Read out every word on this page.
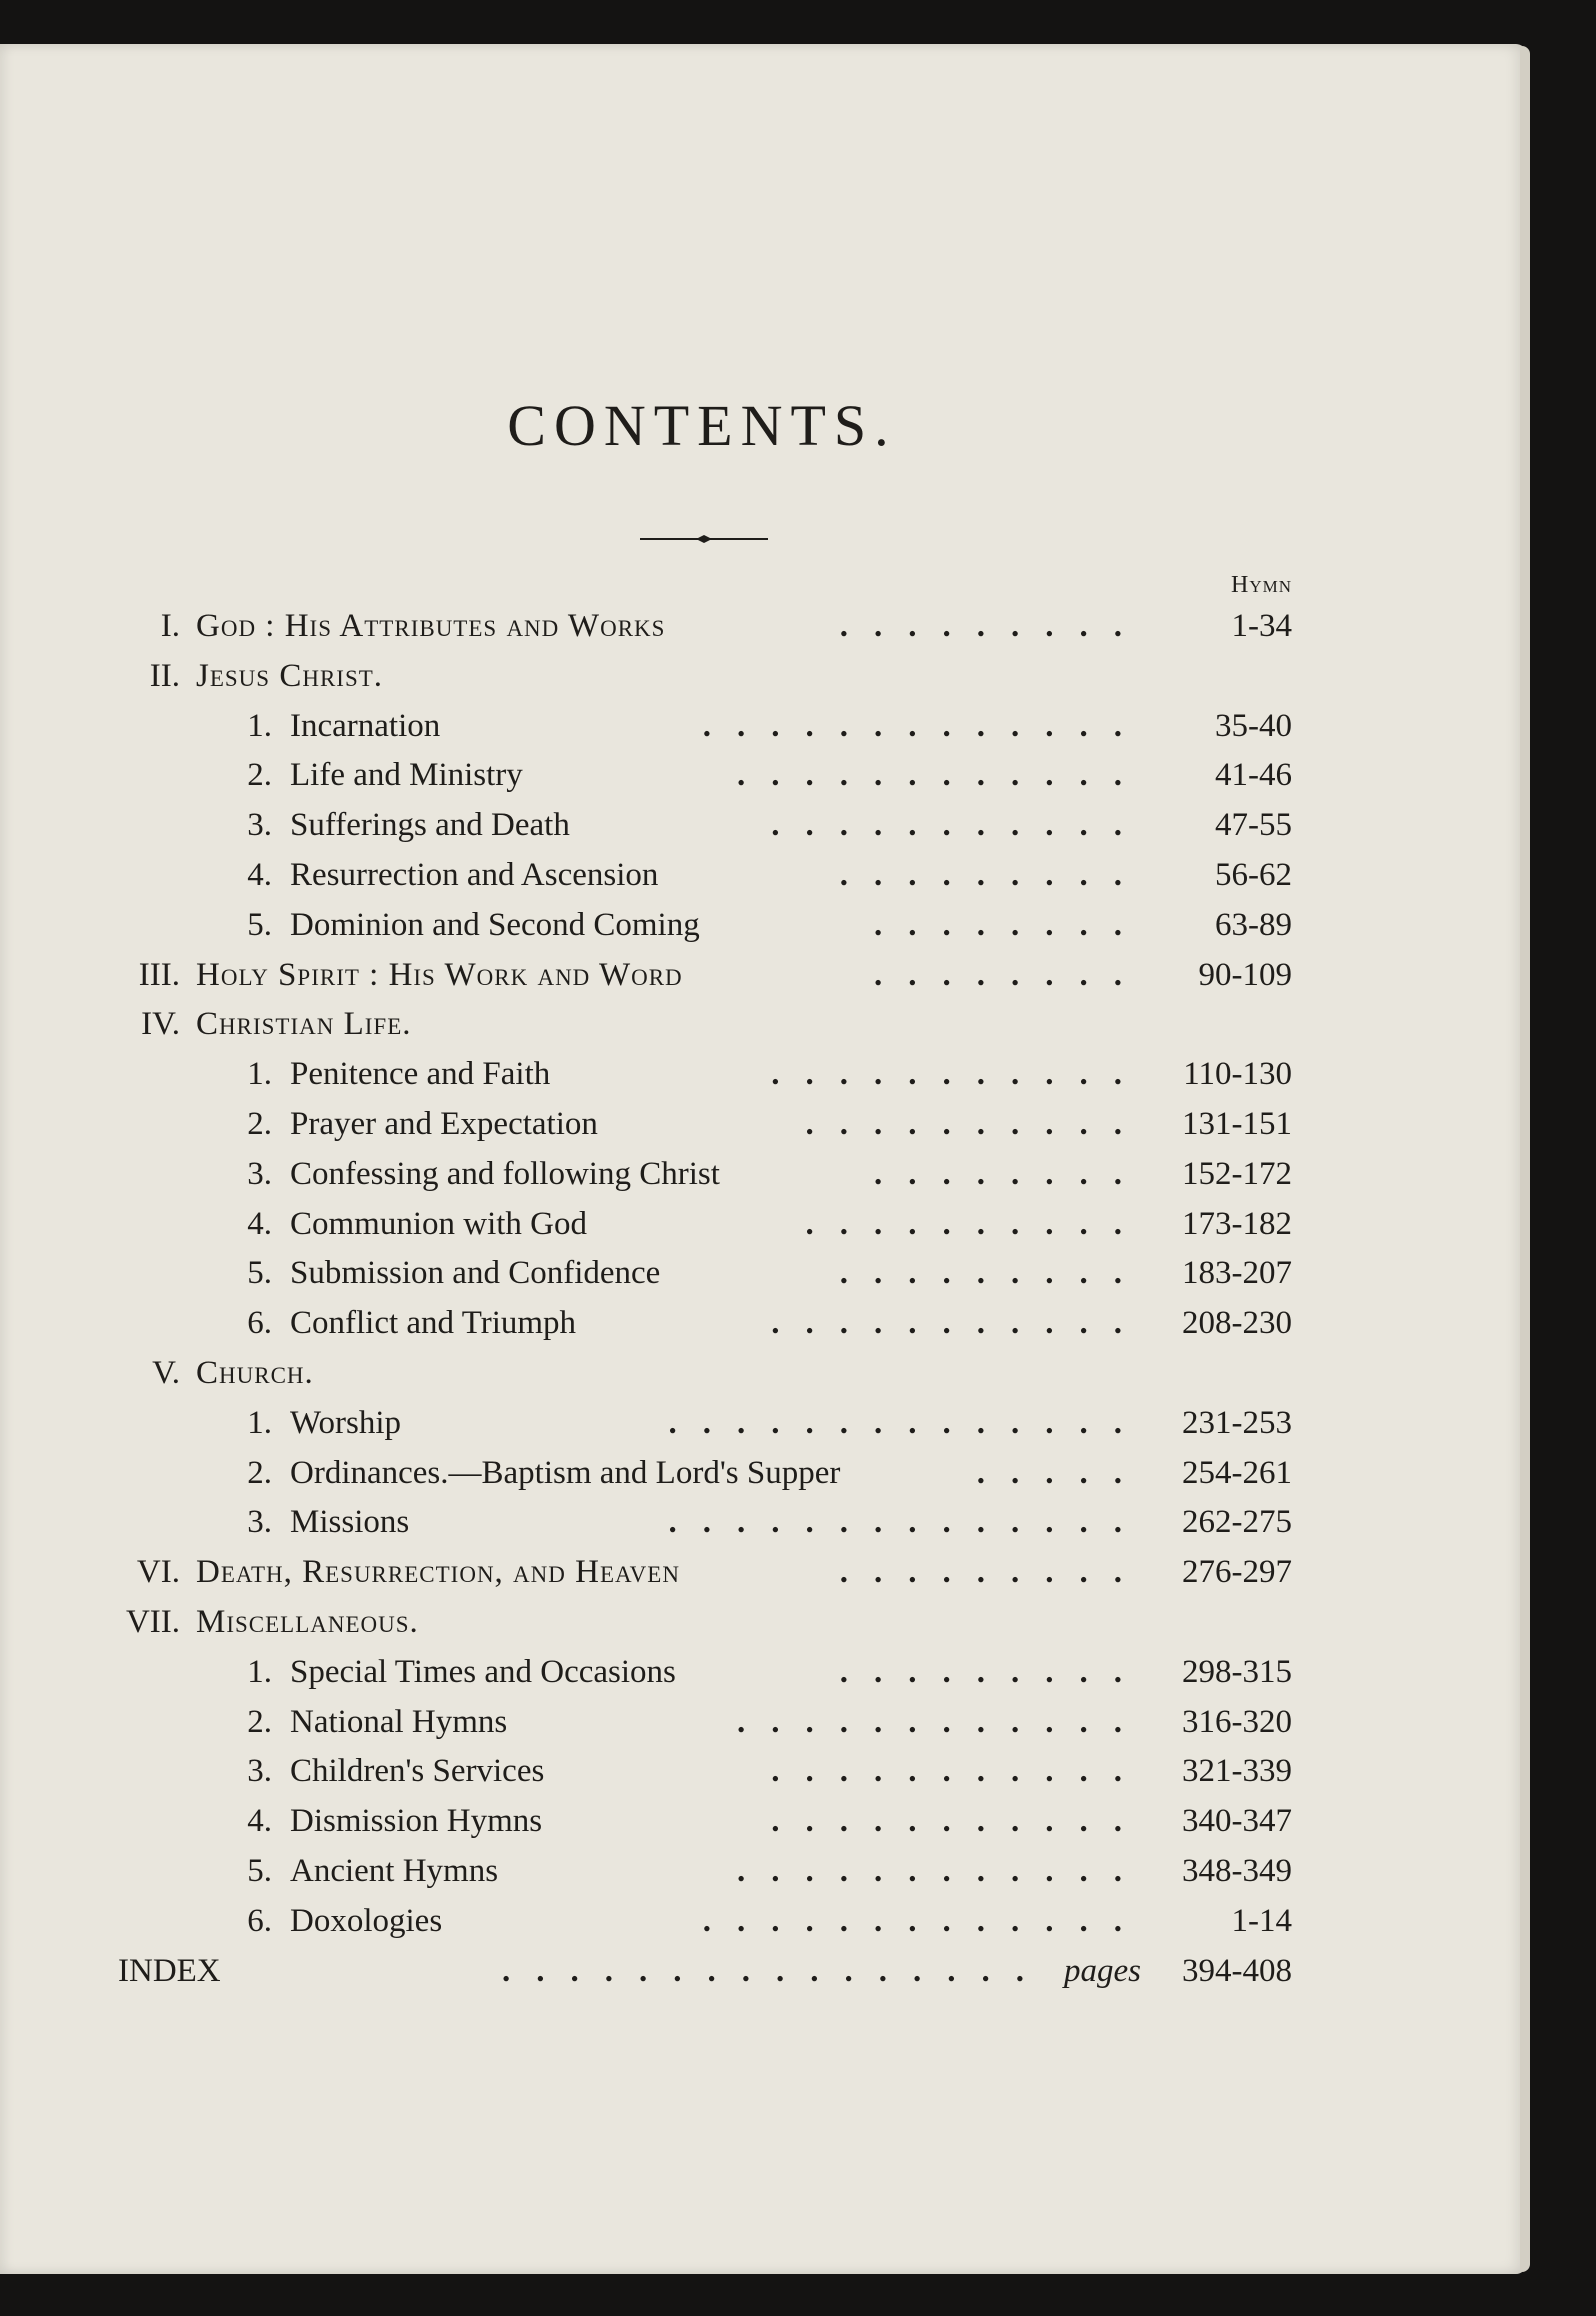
CONTENTS.
Hymn
I. God : His Attributes and Works	.........	1-34
II. Jesus Christ.
1. Incarnation	.............	35-40
2. Life and Ministry	............	41-46
3. Sufferings and Death	...........	47-55
4. Resurrection and Ascension	.........	56-62
5. Dominion and Second Coming	........	63-89
III. Holy Spirit : His Work and Word	........	90-109
IV. Christian Life.
1. Penitence and Faith	...........	110-130
2. Prayer and Expectation	..........	131-151
3. Confessing and following Christ	........	152-172
4. Communion with God	..........	173-182
5. Submission and Confidence	.........	183-207
6. Conflict and Triumph	...........	208-230
V. Church.
1. Worship	..............	231-253
2. Ordinances.—Baptism and Lord's Supper	.....	254-261
3. Missions	..............	262-275
VI. Death, Resurrection, and Heaven	.........	276-297
VII. Miscellaneous.
1. Special Times and Occasions	.........	298-315
2. National Hymns	............	316-320
3. Children's Services	...........	321-339
4. Dismission Hymns	...........	340-347
5. Ancient Hymns	............	348-349
6. Doxologies	.............	1-14
INDEX	................ pages	394-408
